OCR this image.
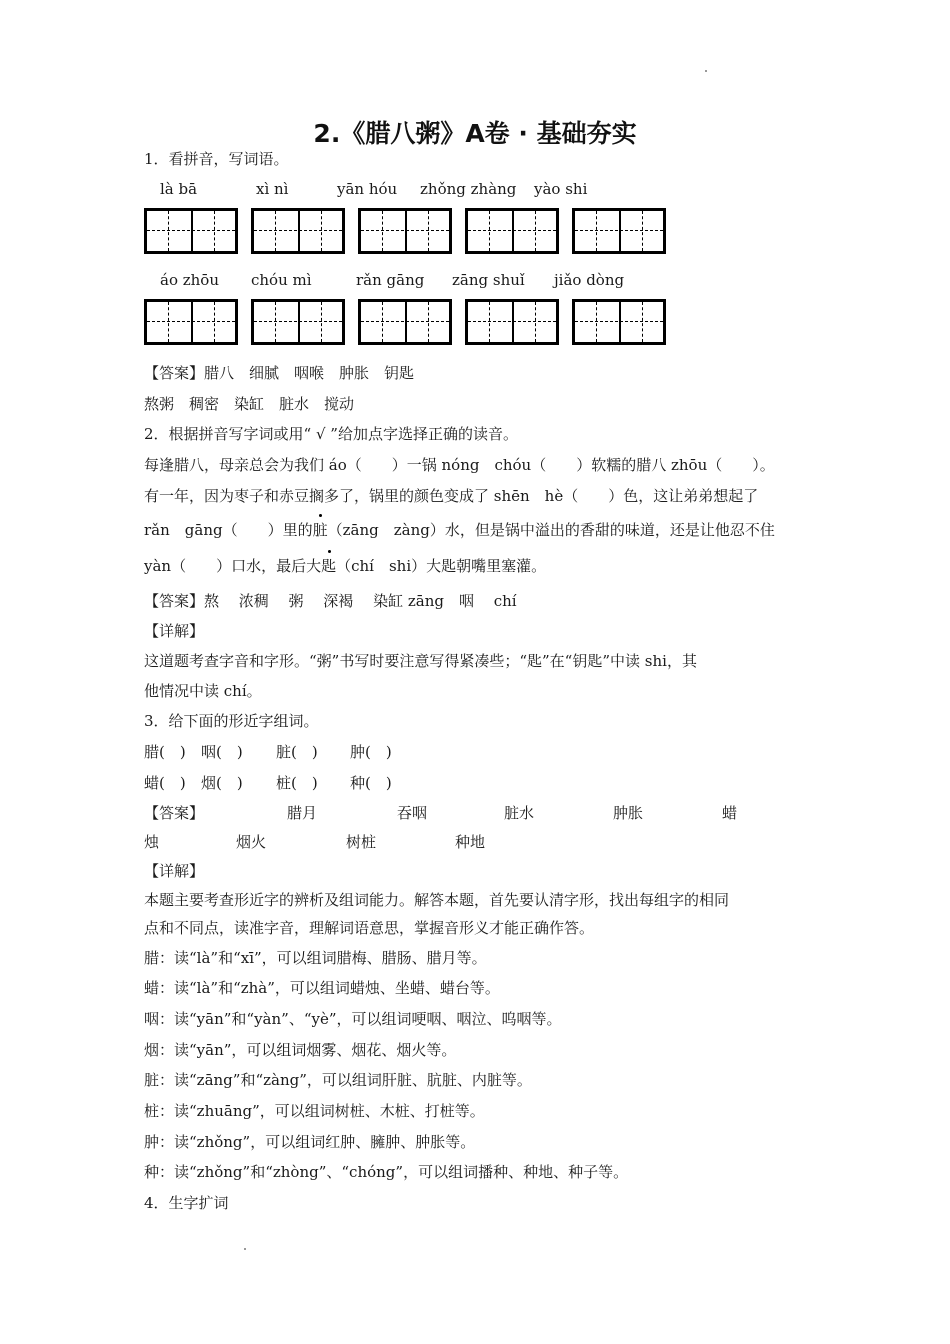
2.《腊八粥》A卷 · 基础夯实
1．看拼音，写词语。
là bā	xì nì	yān hóu zhǒng zhàng yào shi
áo zhōu chóu mì	rǎn gāng zāng shuǐ jiǎo dòng
【答案】腊八　细腻　咽喉　肿胀　钥匙
熬粥　稠密　染缸　脏水　搅动
2．根据拼音写字词或用“ √ ”给加点字选择正确的读音。
每逢腊八，母亲总会为我们 áo（　　）一锅 nóng　chóu（　　）软糯的腊八 zhōu（　　）。
有一年，因为枣子和赤豆搁多了，锅里的颜色变成了 shēn　hè（　　）色，这让弟弟想起了
rǎn　gāng（　　）里的脏（zāng　zàng）水，但是锅中溢出的香甜的味道，还是让他忍不住
yàn（　　）口水，最后大匙（chí　shi）大匙朝嘴里塞灌。
【答案】熬　 浓稠　 粥　 深褐　 染缸 zāng　咽　 chí
【详解】
这道题考查字音和字形。“粥”书写时要注意写得紧凑些；“匙”在“钥匙”中读 shi，其
他情况中读 chí。
3．给下面的形近字组词。
腊(　) 咽(　) 脏(　) 肿(　)
蜡(　) 烟(　) 桩(　) 种(　)
【答案】	腊月	吞咽	脏水	肿胀	蜡
烛	烟火	树桩	种地
【详解】
本题主要考查形近字的辨析及组词能力。解答本题，首先要认清字形，找出每组字的相同
点和不同点，读准字音，理解词语意思，掌握音形义才能正确作答。
腊：读“là”和“xī”，可以组词腊梅、腊肠、腊月等。
蜡：读“là”和“zhà”，可以组词蜡烛、坐蜡、蜡台等。
咽：读“yān”和“yàn”、“yè”，可以组词哽咽、咽泣、呜咽等。
烟：读“yān”，可以组词烟雾、烟花、烟火等。
脏：读“zāng”和“zàng”，可以组词肝脏、肮脏、内脏等。
桩：读“zhuāng”，可以组词树桩、木桩、打桩等。
肿：读“zhǒng”，可以组词红肿、臃肿、肿胀等。
种：读“zhǒng”和“zhòng”、“chóng”，可以组词播种、种地、种子等。
4．生字扩词
